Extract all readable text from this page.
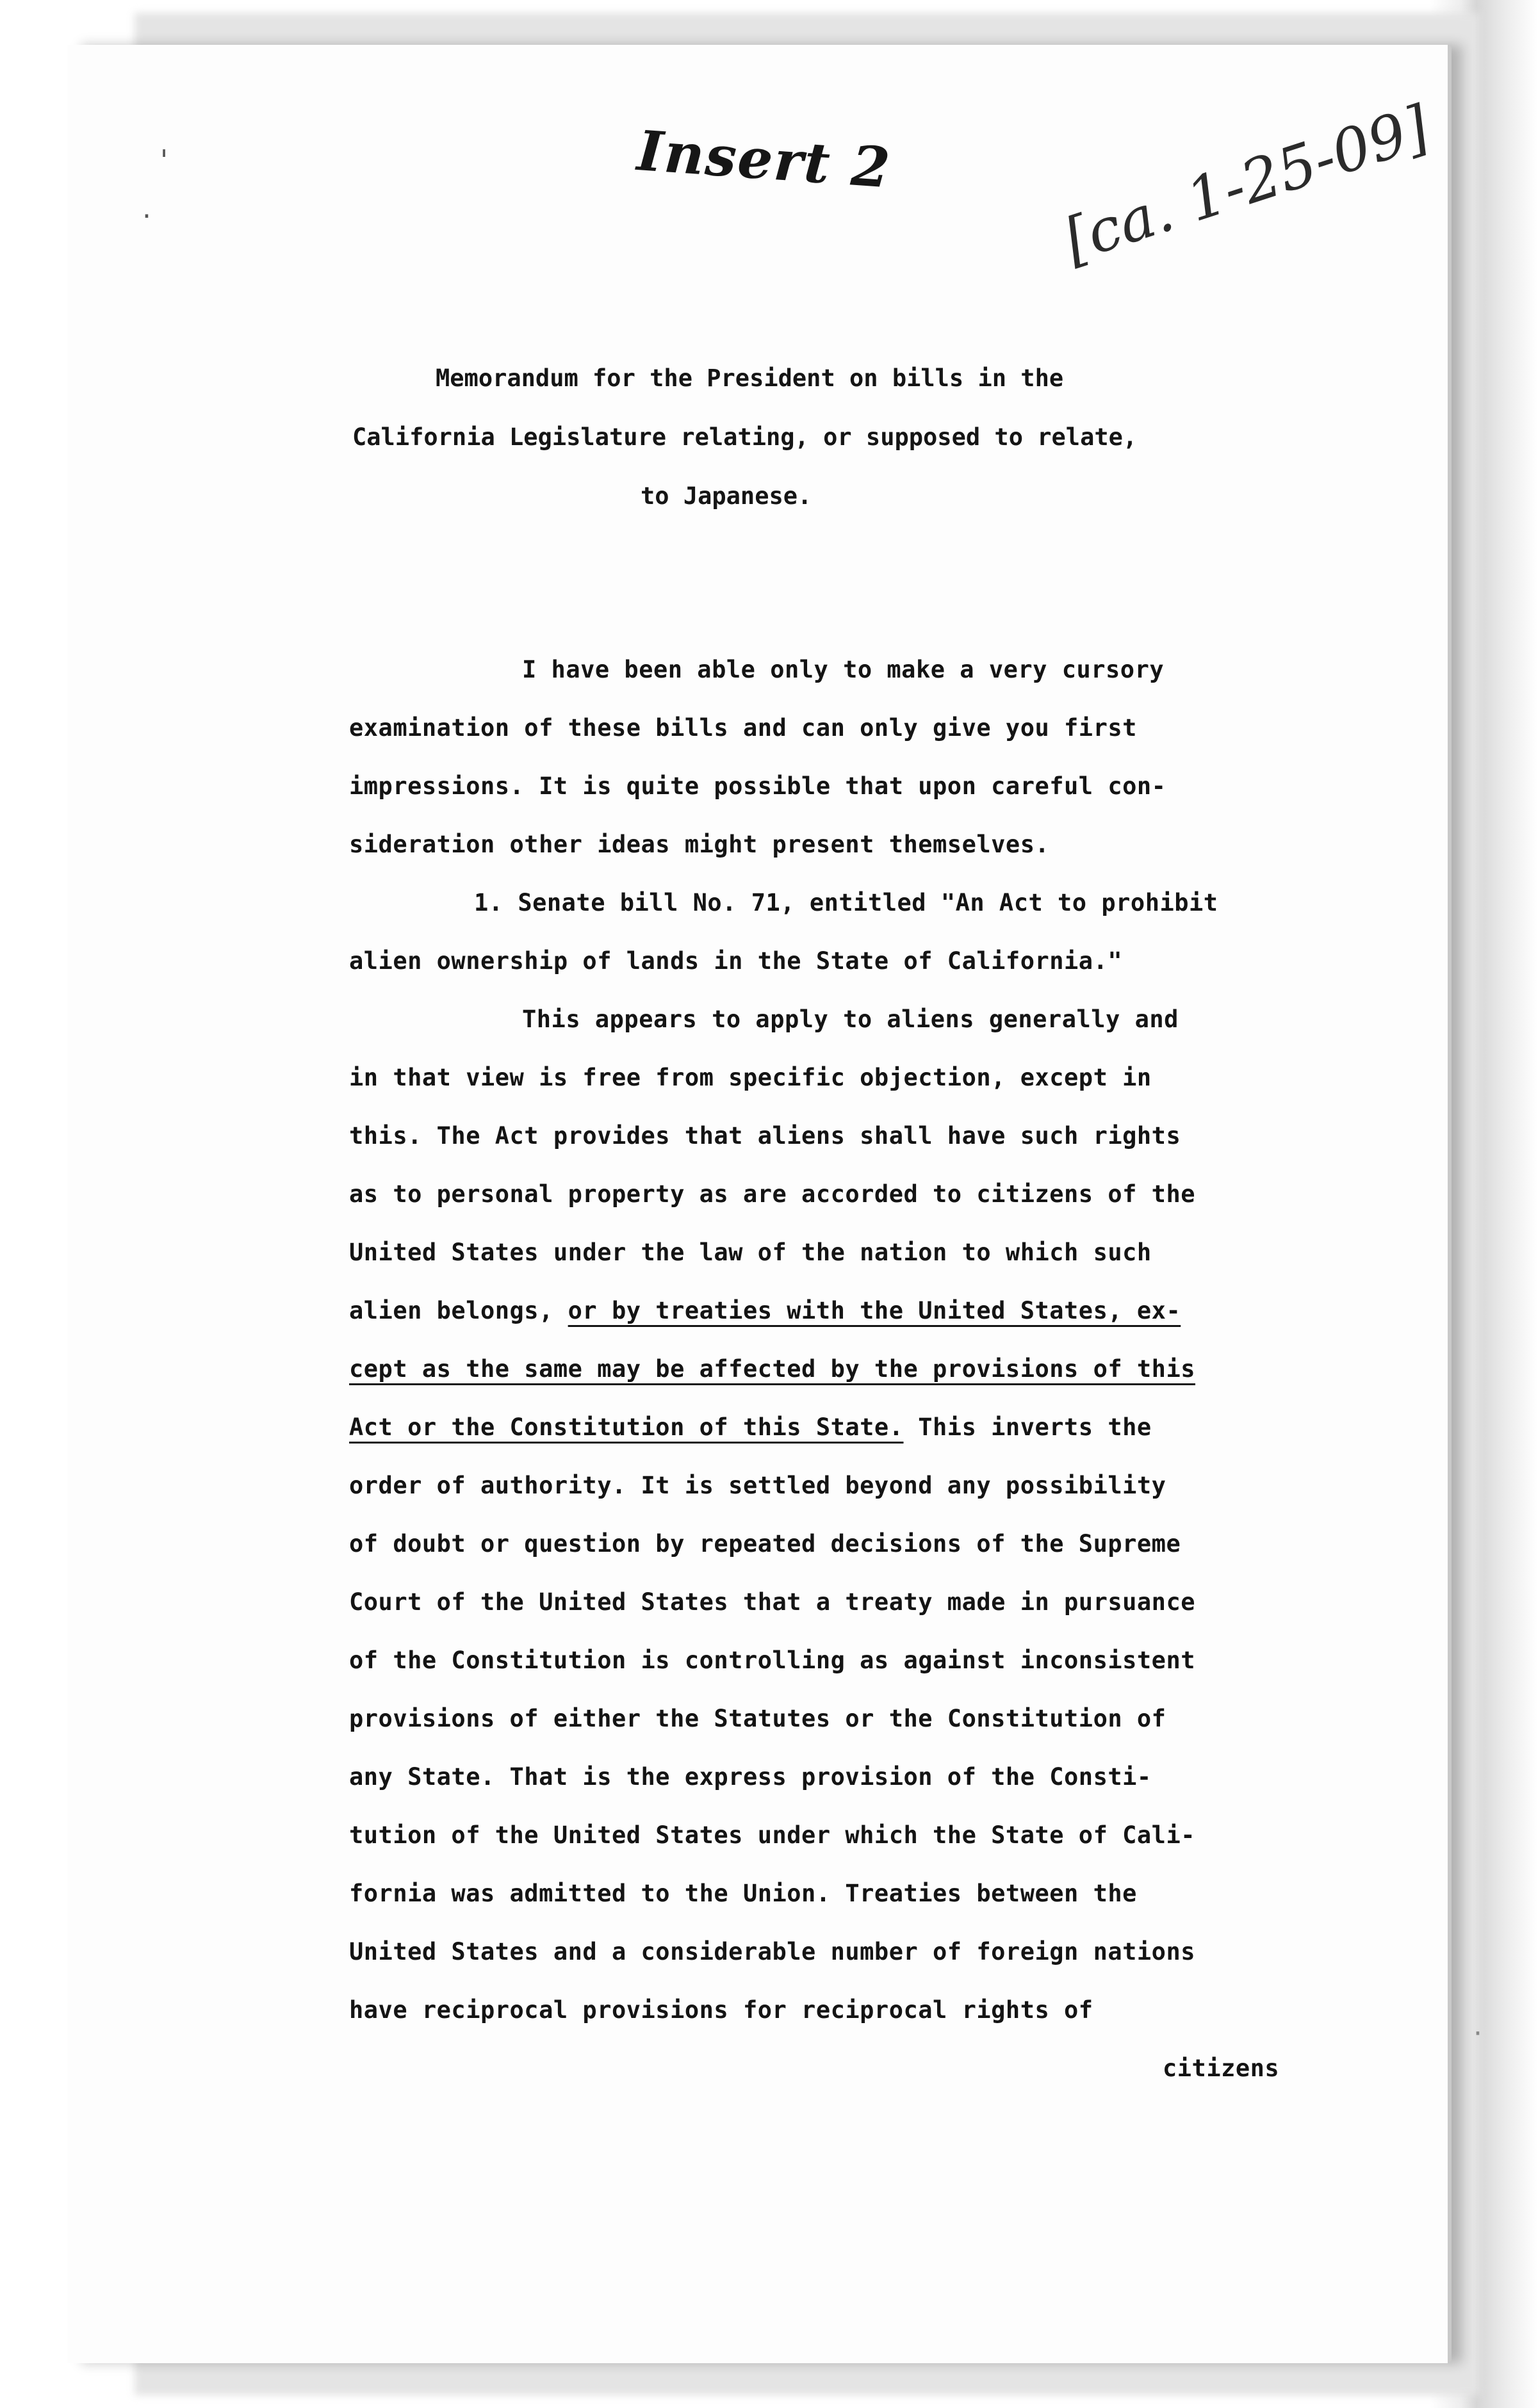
'
.
·
Insert 2	[ca. 1-25-09]
Memorandum for the President on bills in the
California Legislature relating, or supposed to relate,
to Japanese.
I have been able only to make a very cursory
examination of these bills and can only give you first
impressions. It is quite possible that upon careful con-
sideration other ideas might present themselves.
1. Senate bill No. 71, entitled "An Act to prohibit
alien ownership of lands in the State of California."
This appears to apply to aliens generally and
in that view is free from specific objection, except in
this. The Act provides that aliens shall have such rights
as to personal property as are accorded to citizens of the
United States under the law of the nation to which such
alien belongs, or by treaties with the United States, ex-
cept as the same may be affected by the provisions of this
Act or the Constitution of this State. This inverts the
order of authority. It is settled beyond any possibility
of doubt or question by repeated decisions of the Supreme
Court of the United States that a treaty made in pursuance
of the Constitution is controlling as against inconsistent
provisions of either the Statutes or the Constitution of
any State. That is the express provision of the Consti-
tution of the United States under which the State of Cali-
fornia was admitted to the Union. Treaties between the
United States and a considerable number of foreign nations
have reciprocal provisions for reciprocal rights of
citizens
